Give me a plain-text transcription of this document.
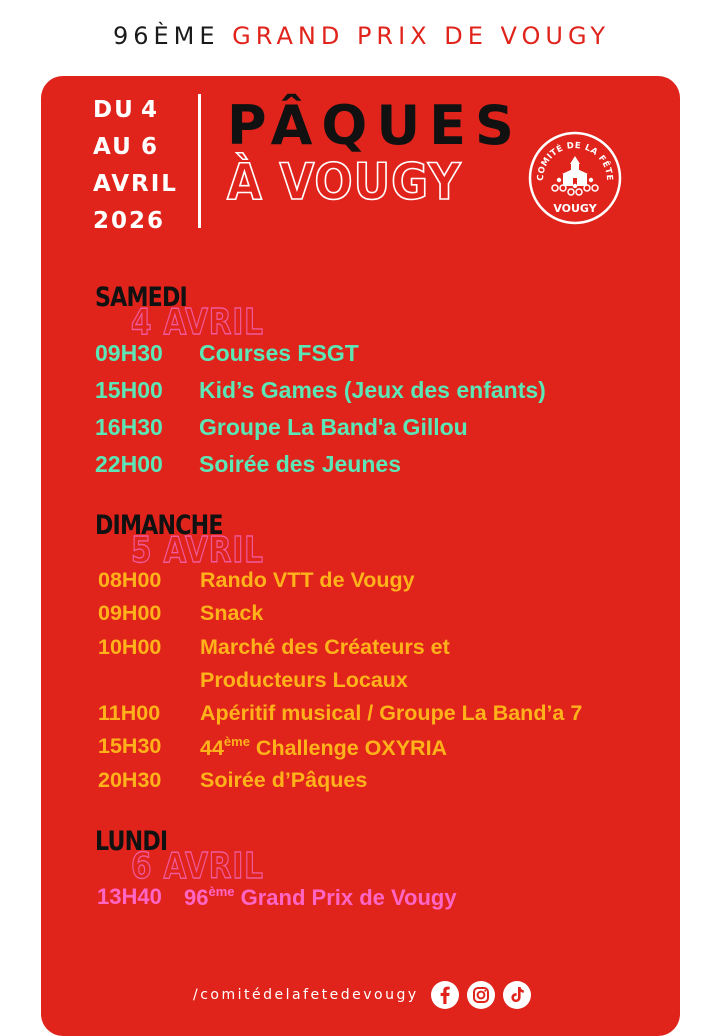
96ÈME GRAND PRIX DE VOUGY
DU 4
AU 6
AVRIL
2026
PÂQUES
À VOUGY	COMITÉ DE LA FÊTE
VOUGY
SAMEDI
4 AVRIL
09H30 Courses FSGT
15H00 Kid’s Games (Jeux des enfants)
16H30 Groupe La Band'a Gillou
22H00 Soirée des Jeunes
DIMANCHE
5 AVRIL
08H00 Rando VTT de Vougy
09H00 Snack
10H00 Marché des Créateurs et
Producteurs Locaux
11H00 Apéritif musical / Groupe La Band’a 7
15H30 44ème Challenge OXYRIA
20H30 Soirée d’Pâques
LUNDI
6 AVRIL
13H40 96ème Grand Prix de Vougy
/comitédelafetedevougy
